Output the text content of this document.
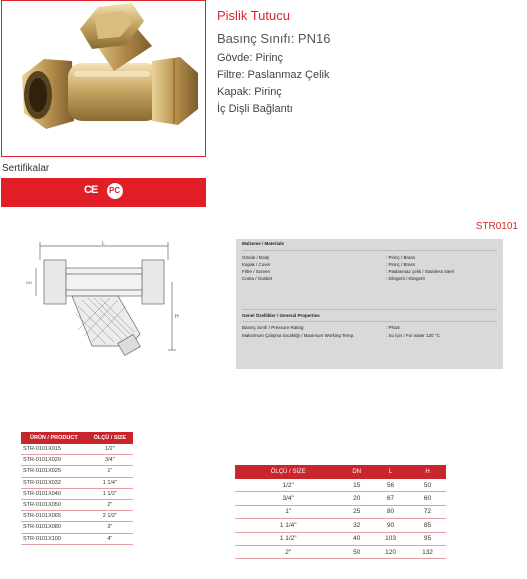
Pislik Tutucu
Basınç Sınıfı: PN16
Gövde: Pirinç
Filtre: Paslanmaz Çelik
Kapak: Pirinç
İç Dişli Bağlantı
Sertifikalar
CE PC
STR0101
L
DN
H
Malzeme / Materials
Gövde / Body	: Pirinç / Brass
Kapak / Cover	: Pirinç / Brass
Filtre / Screen	: Paslanmaz çelik / Stainless steel
Conta / Gasket	: Klingerit / Klingerit
Genel Özellikler / General Properties
Basınç Sınıfı / Pressure Rating	: PN16
Maksimum Çalışma Sıcaklığı / Maximum Working Temp.	: Su için / For water 120 °C
ÜRÜN / PRODUCT	ÖLÇÜ / SIZE
STR-0101X015	1/2"
STR-0101X020	3/4"
STR-0101X025	1"
STR-0101X032	1 1/4"
STR-0101X040	1 1/2"
STR-0101X050	2"
STR-0101X065	2 1/2"
STR-0101X080	3"
STR-0101X100	4"
ÖLÇÜ / SIZE	DN	L	H
1/2"	15	56	50
3/4"	20	67	60
1"	25	80	72
1 1/4"	32	90	85
1 1/2"	40	103	95
2"	50	120	132
